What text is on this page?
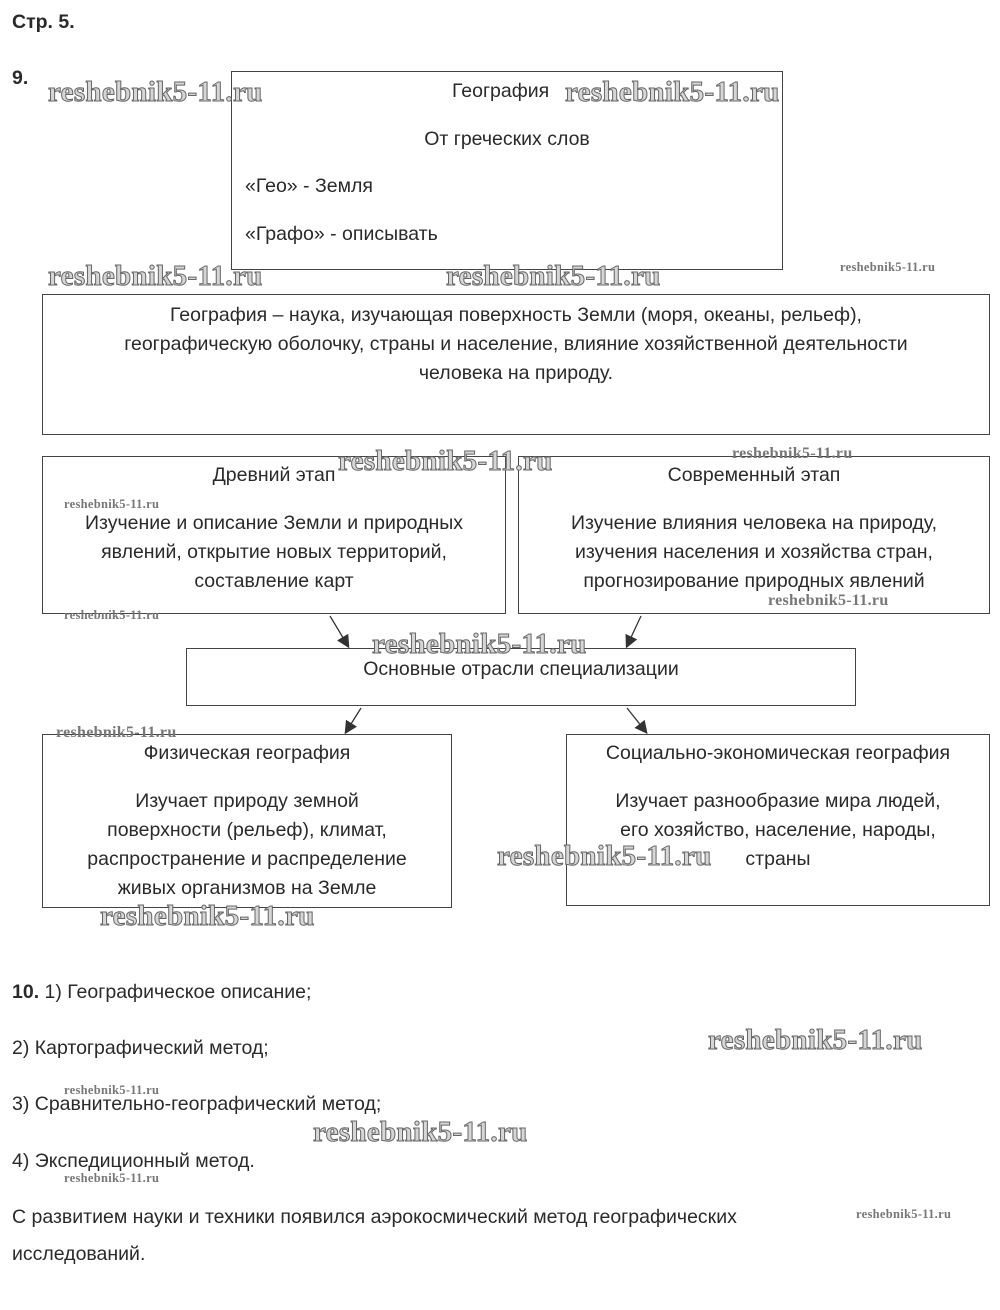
Стр. 5.
9.
География
От греческих слов
«Гео» - Земля
«Графо» - описывать
География – наука, изучающая поверхность Земли (моря, океаны, рельеф),
географическую оболочку, страны и население, влияние хозяйственной деятельности
человека на природу.
Древний этап
Изучение и описание Земли и природных
явлений, открытие новых территорий,
составление карт
Современный этап
Изучение влияния человека на природу,
изучения населения и хозяйства стран,
прогнозирование природных явлений
Основные отрасли специализации
Физическая география
Изучает природу земной
поверхности (рельеф), климат,
распространение и распределение
живых организмов на Земле
Социально-экономическая география
Изучает разнообразие мира людей,
его хозяйство, население, народы,
страны
10. 1) Географическое описание;
2) Картографический метод;
3) Сравнительно-географический метод;
4) Экспедиционный метод.
С развитием науки и техники появился аэрокосмический метод географических
исследований.
reshebnik5-11.ru	reshebnik5-11.ru
reshebnik5-11.ru	reshebnik5-11.ru	reshebnik5-11.ru
reshebnik5-11.ru	reshebnik5-11.ru
reshebnik5-11.ru
reshebnik5-11.ru
reshebnik5-11.ru
reshebnik5-11.ru
reshebnik5-11.ru
reshebnik5-11.ru
reshebnik5-11.ru
reshebnik5-11.ru
reshebnik5-11.ru
reshebnik5-11.ru
reshebnik5-11.ru
reshebnik5-11.ru
